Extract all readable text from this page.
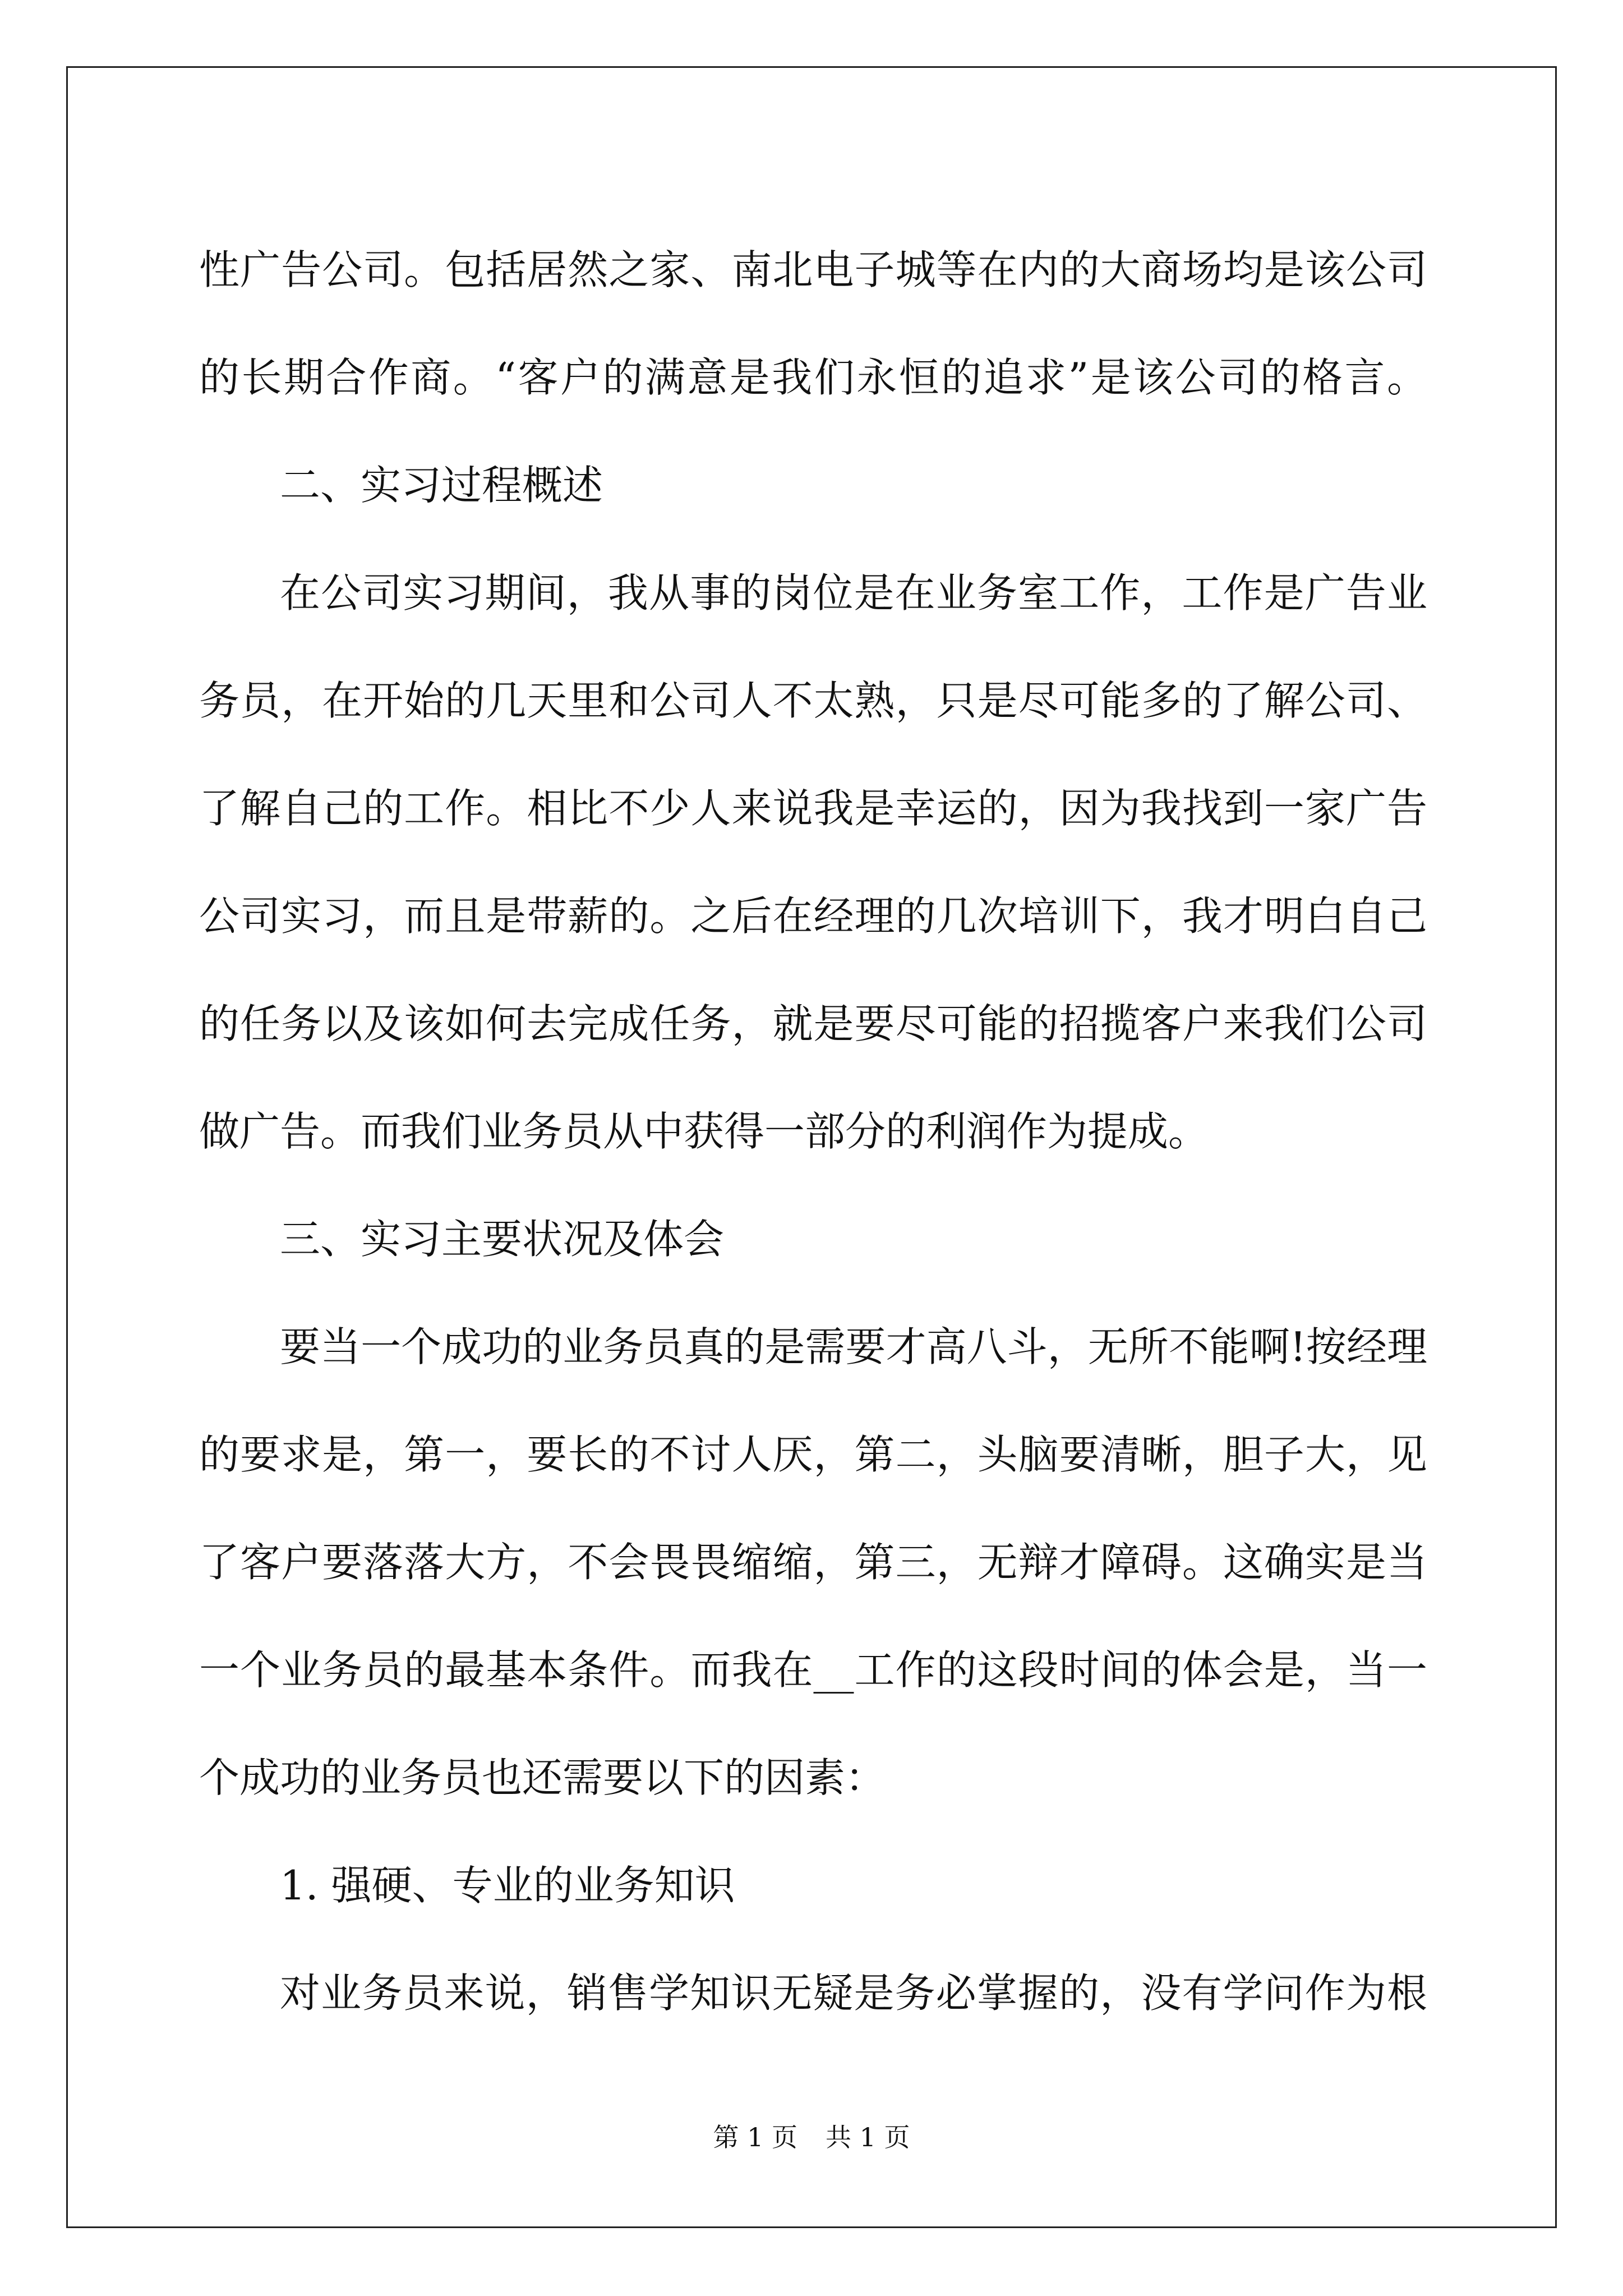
性广告公司。包括居然之家、南北电子城等在内的大商场均是该公司
的长期合作商。“客户的满意是我们永恒的追求”是该公司的格言。
二、实习过程概述
在公司实习期间，我从事的岗位是在业务室工作，工作是广告业
务员，在开始的几天里和公司人不太熟，只是尽可能多的了解公司、
了解自己的工作。相比不少人来说我是幸运的，因为我找到一家广告
公司实习，而且是带薪的。之后在经理的几次培训下，我才明白自己
的任务以及该如何去完成任务，就是要尽可能的招揽客户来我们公司
做广告。而我们业务员从中获得一部分的利润作为提成。
三、实习主要状况及体会
要当一个成功的业务员真的是需要才高八斗，无所不能啊!按经理
的要求是，第一，要长的不讨人厌，第二，头脑要清晰，胆子大，见
了客户要落落大方，不会畏畏缩缩，第三，无辩才障碍。这确实是当
一个业务员的最基本条件。而我在__工作的这段时间的体会是，当一
个成功的业务员也还需要以下的因素：
1. 强硬、专业的业务知识
对业务员来说，销售学知识无疑是务必掌握的，没有学问作为根
第 1 页 共 1 页
